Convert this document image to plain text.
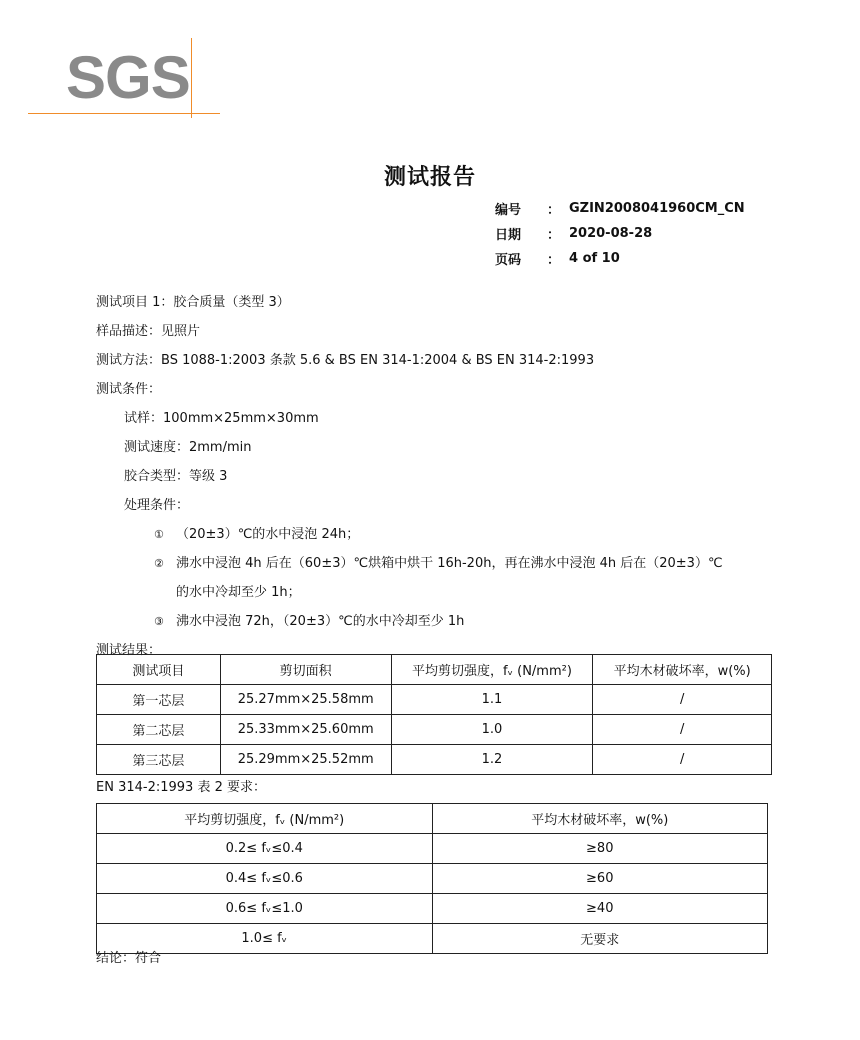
SGS
测试报告
编号	： GZIN2008041960CM_CN
日期	： 2020-08-28
页码	： 4 of 10
测试项目 1：胶合质量（类型 3）
样品描述：见照片
测试方法：BS 1088-1:2003 条款 5.6 & BS EN 314-1:2004 & BS EN 314-2:1993
测试条件：
试样：100mm×25mm×30mm
测试速度：2mm/min
胶合类型：等级 3
处理条件：
① （20±3）℃的水中浸泡 24h；
② 沸水中浸泡 4h 后在（60±3）℃烘箱中烘干 16h-20h，再在沸水中浸泡 4h 后在（20±3）℃
的水中冷却至少 1h；
③ 沸水中浸泡 72h，（20±3）℃的水中冷却至少 1h
测试结果：
测试项目	剪切面积	平均剪切强度，fᵥ (N/mm²)	平均木材破坏率，w(%)
第一芯层	25.27mm×25.58mm	1.1	/
第二芯层	25.33mm×25.60mm	1.0	/
第三芯层	25.29mm×25.52mm	1.2	/
EN 314-2:1993 表 2 要求：
平均剪切强度，fᵥ (N/mm²)	平均木材破坏率，w(%)
0.2≤ fᵥ≤0.4	≥80
0.4≤ fᵥ≤0.6	≥60
0.6≤ fᵥ≤1.0	≥40
1.0≤ fᵥ	无要求
结论：符合
